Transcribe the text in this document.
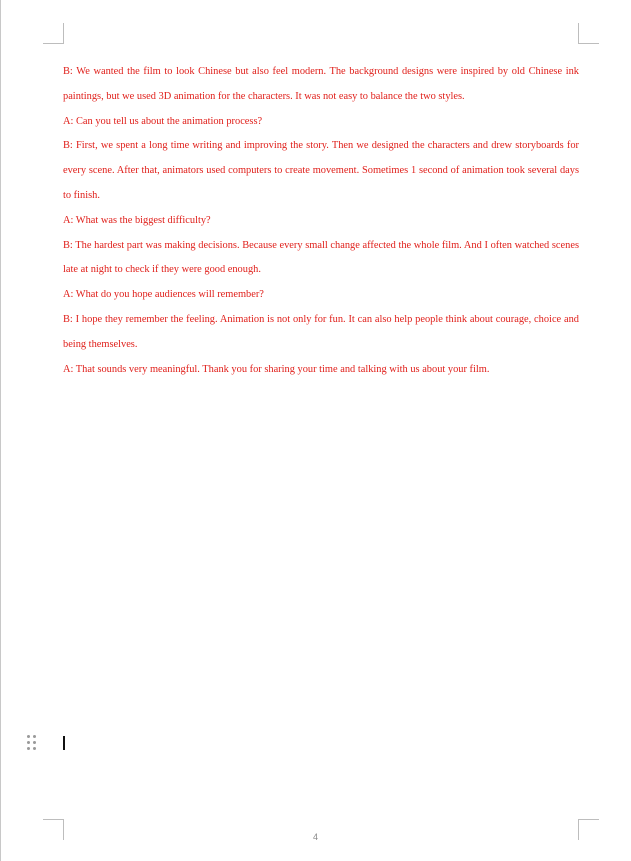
B: We wanted the film to look Chinese but also feel modern. The background designs were inspired by old Chinese ink paintings, but we used 3D animation for the characters. It was not easy to balance the two styles.

A: Can you tell us about the animation process?

B: First, we spent a long time writing and improving the story. Then we designed the characters and drew storyboards for every scene. After that, animators used computers to create movement. Sometimes 1 second of animation took several days to finish.

A: What was the biggest difficulty?

B: The hardest part was making decisions. Because every small change affected the whole film. And I often watched scenes late at night to check if they were good enough.

A: What do you hope audiences will remember?

B: I hope they remember the feeling. Animation is not only for fun. It can also help people think about courage, choice and being themselves.

A: That sounds very meaningful. Thank you for sharing your time and talking with us about your film.

4
